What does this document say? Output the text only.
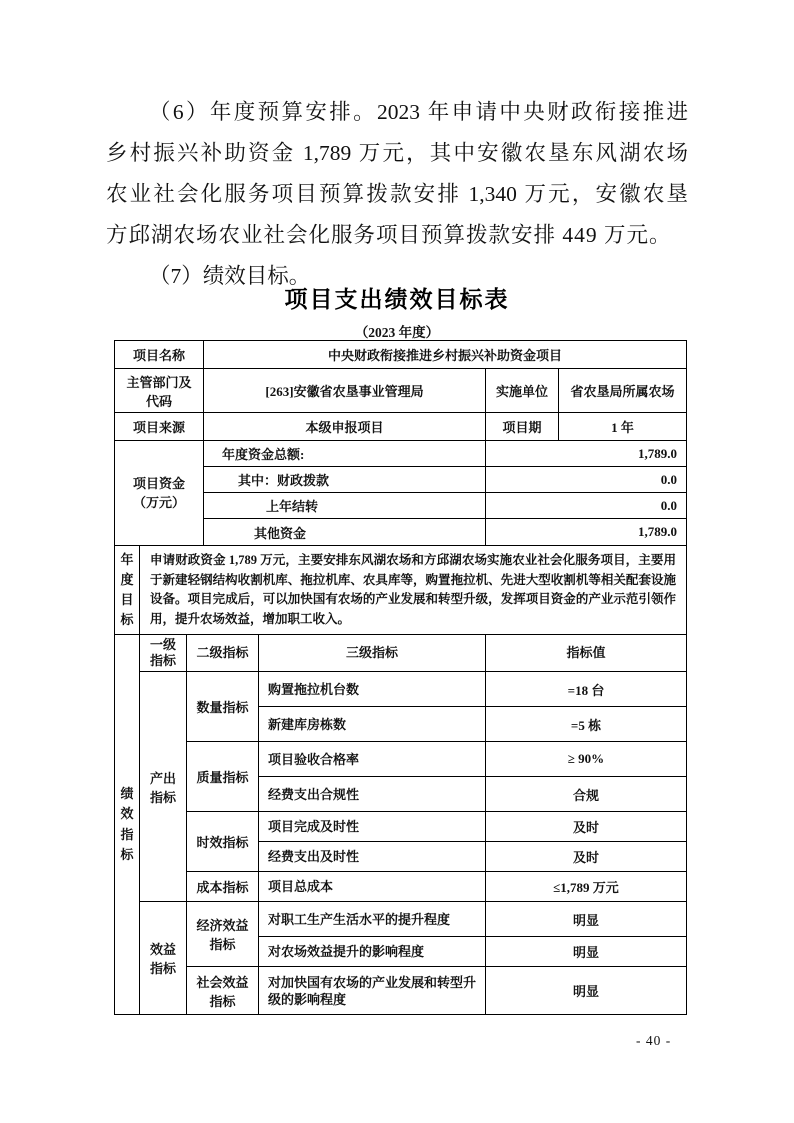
（6）年度预算安排。2023 年申请中央财政衔接推进
乡村振兴补助资金 1,789 万元，其中安徽农垦东风湖农场
农业社会化服务项目预算拨款安排 1,340 万元，安徽农垦
方邱湖农场农业社会化服务项目预算拨款安排 449 万元。
（7）绩效目标。
项目支出绩效目标表
（2023 年度）
项目名称	中央财政衔接推进乡村振兴补助资金项目		
主管部门及代码	[263]安徽省农垦事业管理局	实施单位	省农垦局所属农场
项目来源	本级申报项目	项目期	1 年

项目资金（万元）	年度资金总额:	1,789.0	
	其中：财政拨款	0.0	
	上年结转	0.0	
	其他资金	1,789.0	
年度目标
	申请财政资金 1,789 万元，主要安排东风湖农场和方邱湖农场实施农业社会化服务项目，主要用于新建轻钢结构收割机库、拖拉机库、农具库等，购置拖拉机、先进大型收割机等相关配套设施设备。项目完成后，可以加快国有农场的产业发展和转型升级，发挥项目资金的产业示范引领作用，提升农场效益，增加职工收入。
绩效指标	一级指标	二级指标	三级指标	指标值
	产出指标	数量指标	购置拖拉机台数	=18 台
			新建库房栋数	=5 栋
		质量指标	项目验收合格率	≥ 90%
			经费支出合规性	合规
		时效指标	项目完成及时性	及时
			经费支出及时性	及时
		成本指标	项目总成本	≤1,789 万元
	效益指标	经济效益指标	对职工生产生活水平的提升程度	明显
			对农场效益提升的影响程度	明显
		社会效益指标	对加快国有农场的产业发展和转型升级的影响程度	明显
- 40 -
